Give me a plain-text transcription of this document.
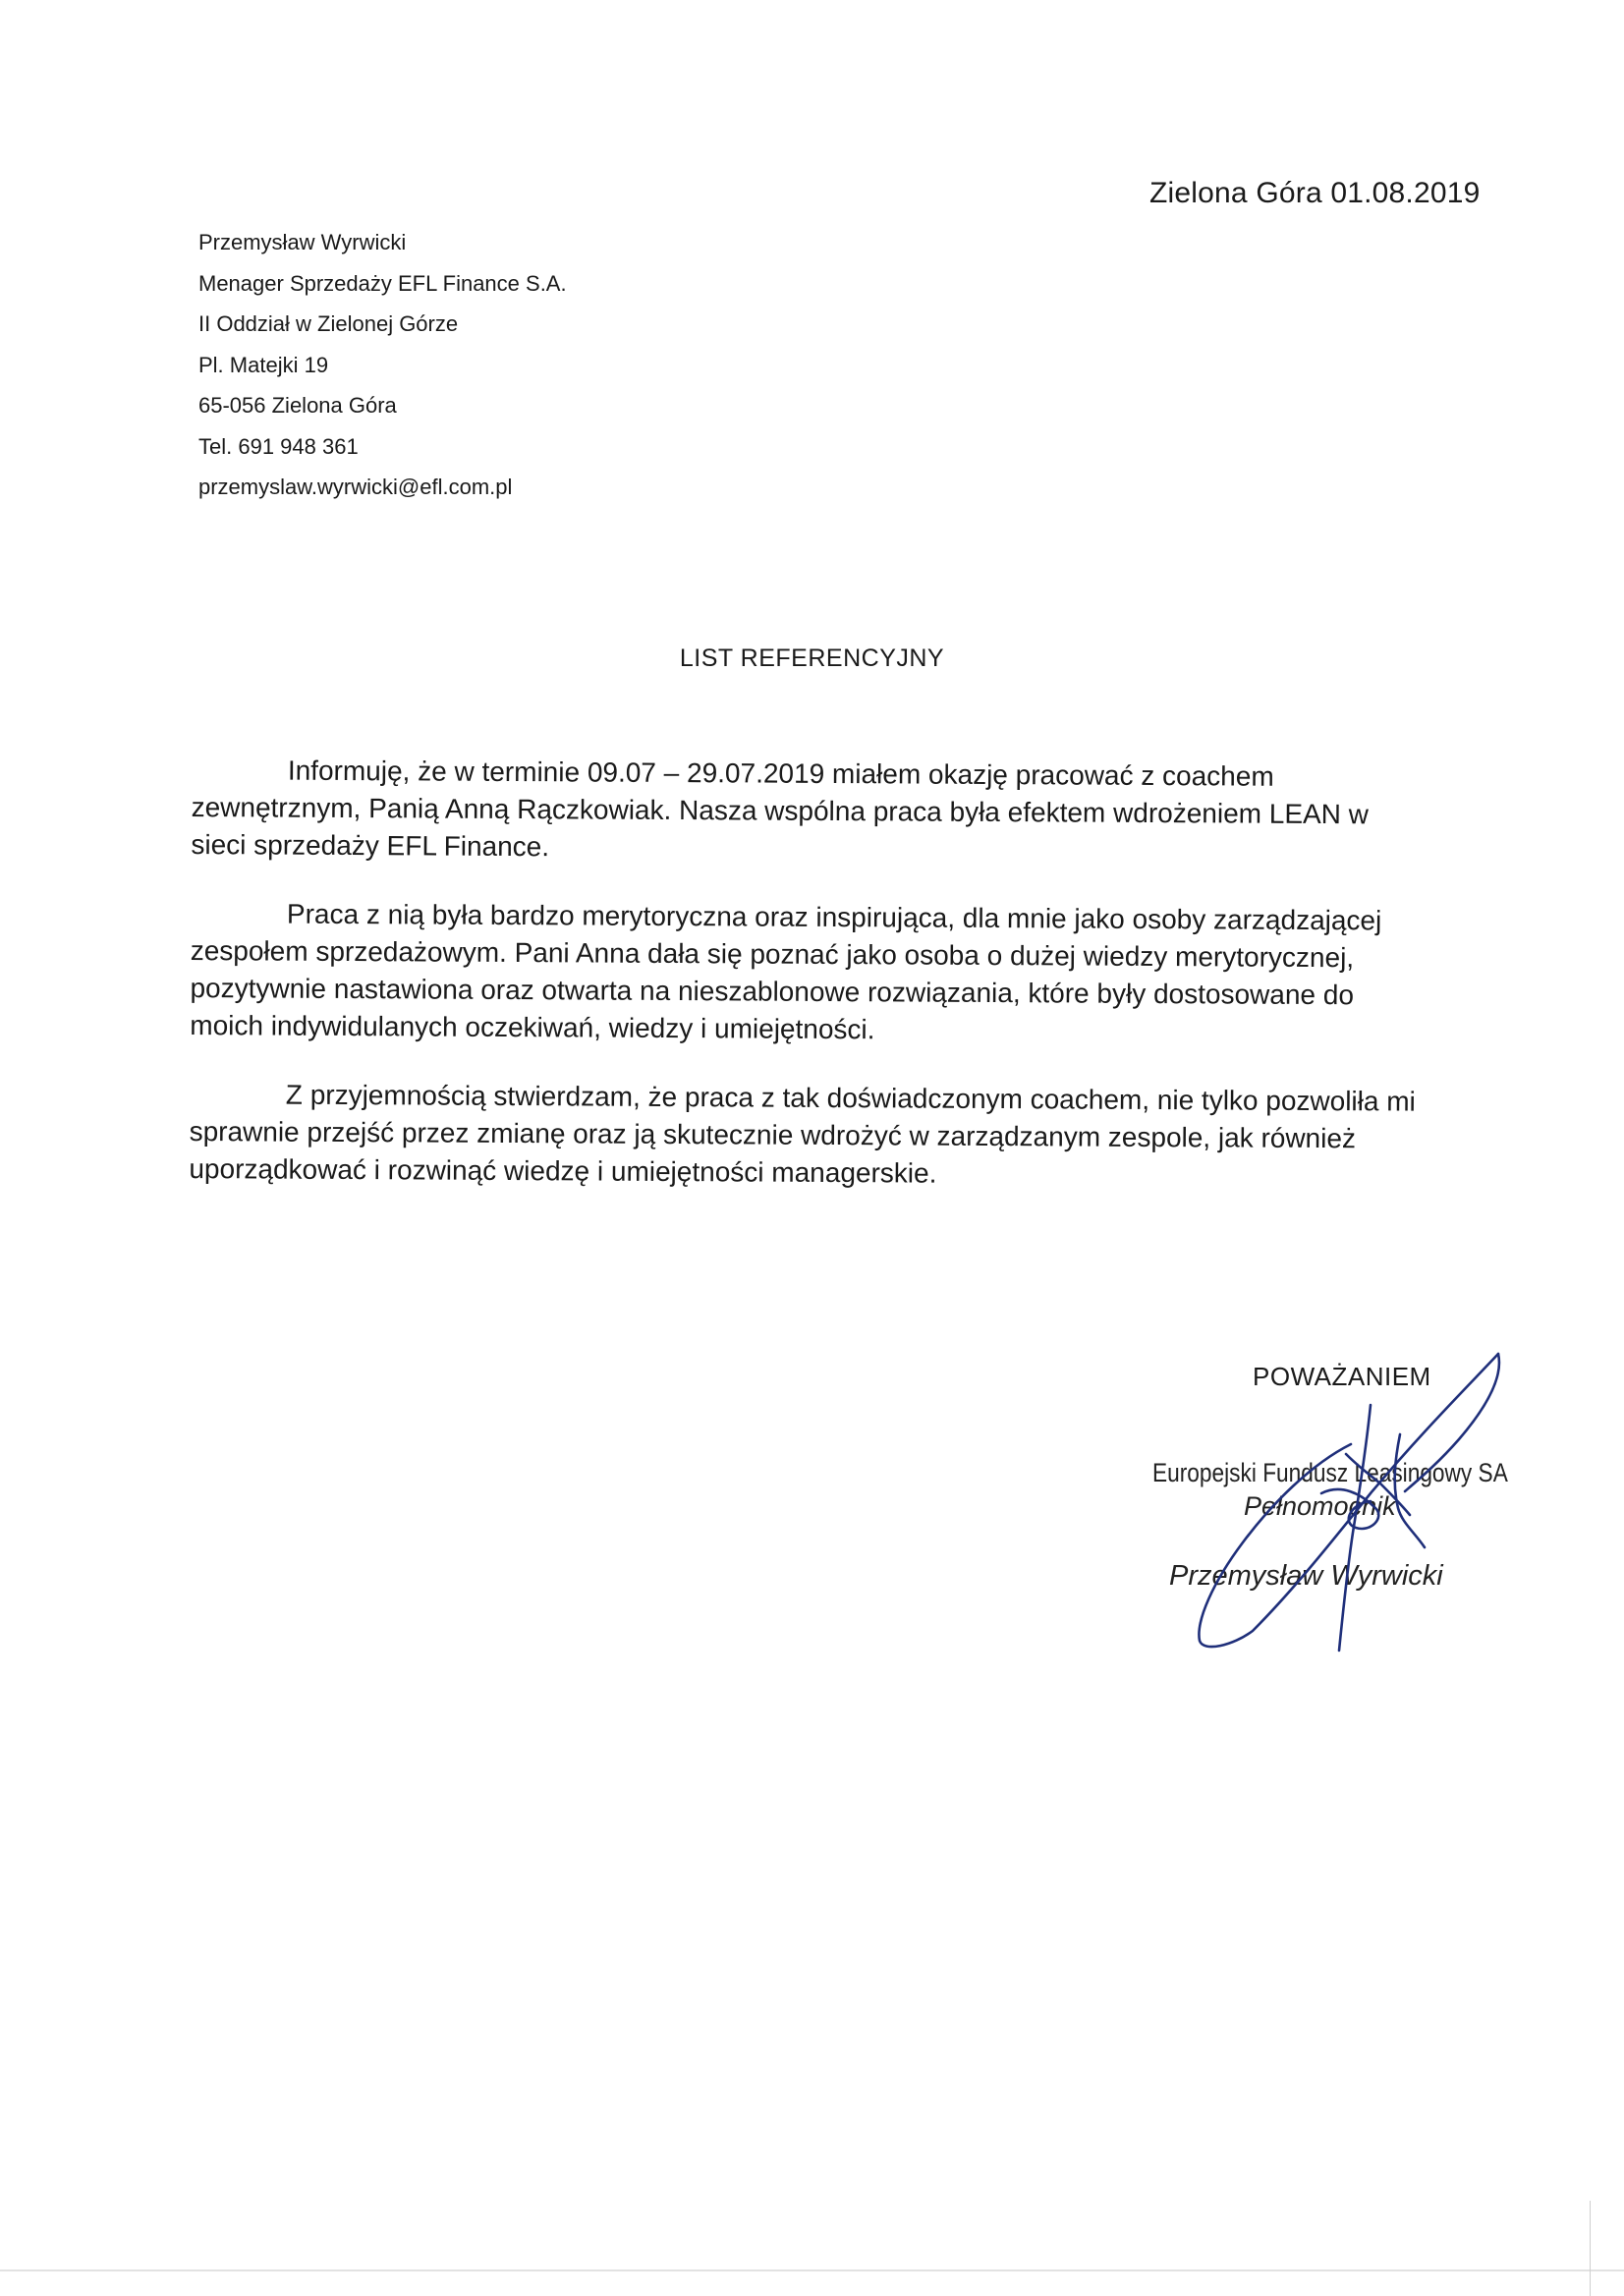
Zielona Góra 01.08.2019
Przemysław Wyrwicki
Menager Sprzedaży EFL Finance S.A.
II Oddział w Zielonej Górze
Pl. Matejki 19
65-056 Zielona Góra
Tel. 691 948 361
przemyslaw.wyrwicki@efl.com.pl
LIST REFERENCYJNY

Informuję, że w terminie 09.07 – 29.07.2019 miałem okazję pracować z coachem zewnętrznym, Panią Anną Rączkowiak. Nasza wspólna praca była efektem wdrożeniem LEAN w sieci sprzedaży EFL Finance.

Praca z nią była bardzo merytoryczna oraz inspirująca, dla mnie jako osoby zarządzającej zespołem sprzedażowym. Pani Anna dała się poznać jako osoba o dużej wiedzy merytorycznej, pozytywnie nastawiona oraz otwarta na nieszablonowe rozwiązania, które były dostosowane do moich indywidulanych oczekiwań, wiedzy i umiejętności.

Z przyjemnością stwierdzam, że praca z tak doświadczonym coachem, nie tylko pozwoliła mi sprawnie przejść przez zmianę oraz ją skutecznie wdrożyć w zarządzanym zespole, jak również uporządkować i rozwinąć wiedzę i umiejętności managerskie.

POWAŻANIEM
Europejski Fundusz Leasingowy SA
Pełnomocnik
Przemysław Wyrwicki
